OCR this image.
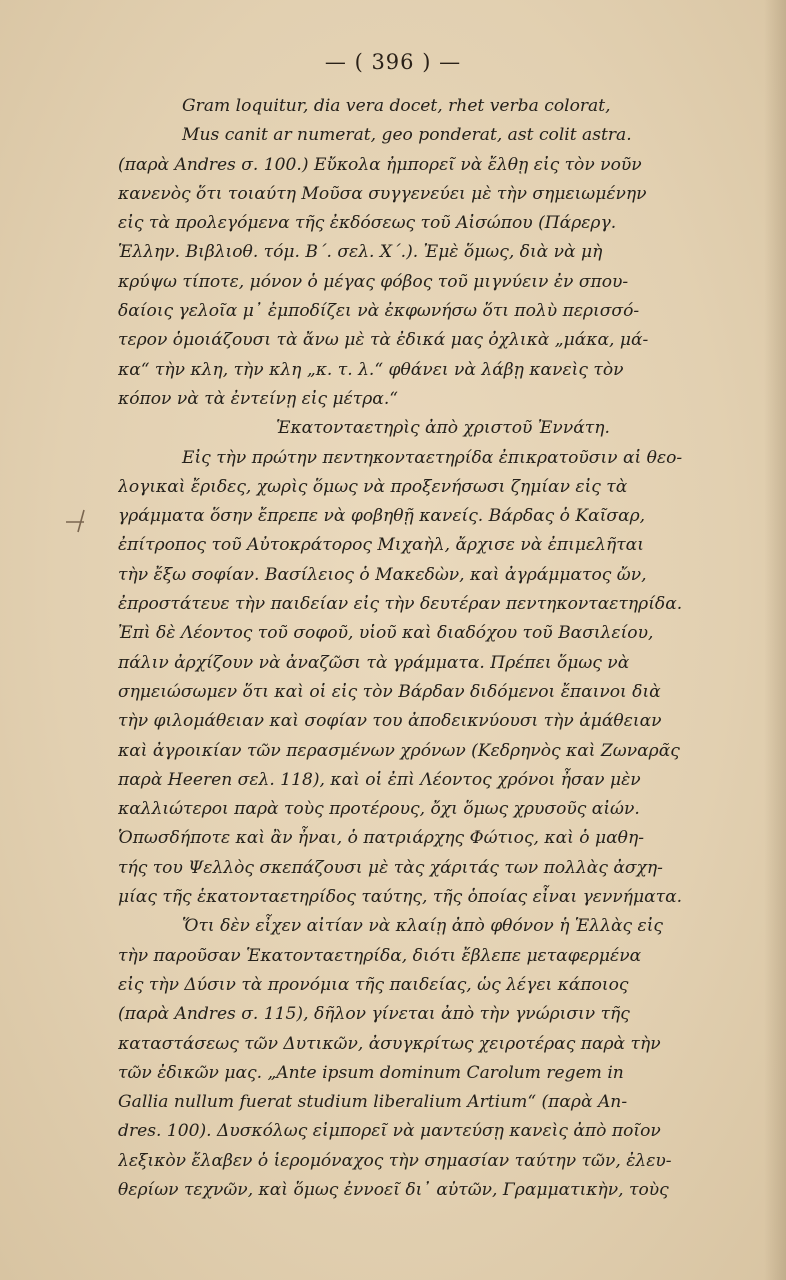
— ( 396 ) —
Gram loquitur, dia vera docet, rhet verba colorat,
Mus canit ar numerat, geo ponderat, ast colit astra.
(παρὰ Andres σ. 100.) Εὔκολα ἠμπορεῖ νὰ ἔλθῃ εἰς τὸν νοῦν
κανενὸς ὅτι τοιαύτη Μοῦσα συγγενεύει μὲ τὴν σημειωμένην
εἰς τὰ προλεγόμενα τῆς ἐκδόσεως τοῦ Αἰσώπου (Πάρεργ.
Ἑλλην. Βιβλιοθ. τόμ. Β΄. σελ. Χ΄.). Ἐμὲ ὅμως, διὰ νὰ μὴ
κρύψω τίποτε, μόνον ὁ μέγας φόβος τοῦ μιγνύειν ἐν σπου-
δαίοις γελοῖα μ᾽ ἐμποδίζει νὰ ἐκφωνήσω ὅτι πολὺ περισσό-
τερον ὁμοιάζουσι τὰ ἄνω μὲ τὰ ἐδικά μας ὀχλικὰ „μάκα, μά-
κα“ τὴν κλη, τὴν κλη „κ. τ. λ.“ φθάνει νὰ λάβῃ κανεὶς τὸν
κόπον νὰ τὰ ἐντείνῃ εἰς μέτρα.“
Ἑκατονταετηρὶς ἀπὸ χριστοῦ Ἐννάτη.
Εἰς τὴν πρώτην πεντηκονταετηρίδα ἐπικρατοῦσιν αἱ θεο-
λογικαὶ ἔριδες, χωρὶς ὅμως νὰ προξενήσωσι ζημίαν εἰς τὰ
γράμματα ὅσην ἔπρεπε νὰ φοβηθῇ κανείς. Βάρδας ὁ Καῖσαρ,
ἐπίτροπος τοῦ Αὐτοκράτορος Μιχαὴλ, ἄρχισε νὰ ἐπιμελῆται
τὴν ἔξω σοφίαν. Βασίλειος ὁ Μακεδὼν, καὶ ἀγράμματος ὤν,
ἐπροστάτευε τὴν παιδείαν εἰς τὴν δευτέραν πεντηκονταετηρίδα.
Ἐπὶ δὲ Λέοντος τοῦ σοφοῦ, υἱοῦ καὶ διαδόχου τοῦ Βασιλείου,
πάλιν ἀρχίζουν νὰ ἀναζῶσι τὰ γράμματα. Πρέπει ὅμως νὰ
σημειώσωμεν ὅτι καὶ οἱ εἰς τὸν Βάρδαν διδόμενοι ἔπαινοι διὰ
τὴν φιλομάθειαν καὶ σοφίαν του ἀποδεικνύουσι τὴν ἀμάθειαν
καὶ ἀγροικίαν τῶν περασμένων χρόνων (Κεδρηνὸς καὶ Ζωναρᾶς
παρὰ Heeren σελ. 118), καὶ οἱ ἐπὶ Λέοντος χρόνοι ἦσαν μὲν
καλλιώτεροι παρὰ τοὺς προτέρους, ὄχι ὅμως χρυσοῦς αἰών.
Ὁπωσδήποτε καὶ ἂν ἦναι, ὁ πατριάρχης Φώτιος, καὶ ὁ μαθη-
τής του Ψελλὸς σκεπάζουσι μὲ τὰς χάριτάς των πολλὰς ἀσχη-
μίας τῆς ἑκατονταετηρίδος ταύτης, τῆς ὁποίας εἶναι γεννήματα.
Ὅτι δὲν εἶχεν αἰτίαν νὰ κλαίῃ ἀπὸ φθόνον ἡ Ἑλλὰς εἰς
τὴν παροῦσαν Ἑκατονταετηρίδα, διότι ἔβλεπε μεταφερμένα
εἰς τὴν Δύσιν τὰ προνόμια τῆς παιδείας, ὡς λέγει κάποιος
(παρὰ Andres σ. 115), δῆλον γίνεται ἀπὸ τὴν γνώρισιν τῆς
καταστάσεως τῶν Δυτικῶν, ἀσυγκρίτως χειροτέρας παρὰ τὴν
τῶν ἐδικῶν μας. „Ante ipsum dominum Carolum regem in
Gallia nullum fuerat studium liberalium Artium“ (παρὰ An-
dres. 100). Δυσκόλως εἰμπορεῖ νὰ μαντεύσῃ κανεὶς ἀπὸ ποῖον
λεξικὸν ἔλαβεν ὁ ἱερομόναχος τὴν σημασίαν ταύτην τῶν, ἐλευ-
θερίων τεχνῶν, καὶ ὅμως ἐννοεῖ δι᾽ αὐτῶν, Γραμματικὴν, τοὺς
